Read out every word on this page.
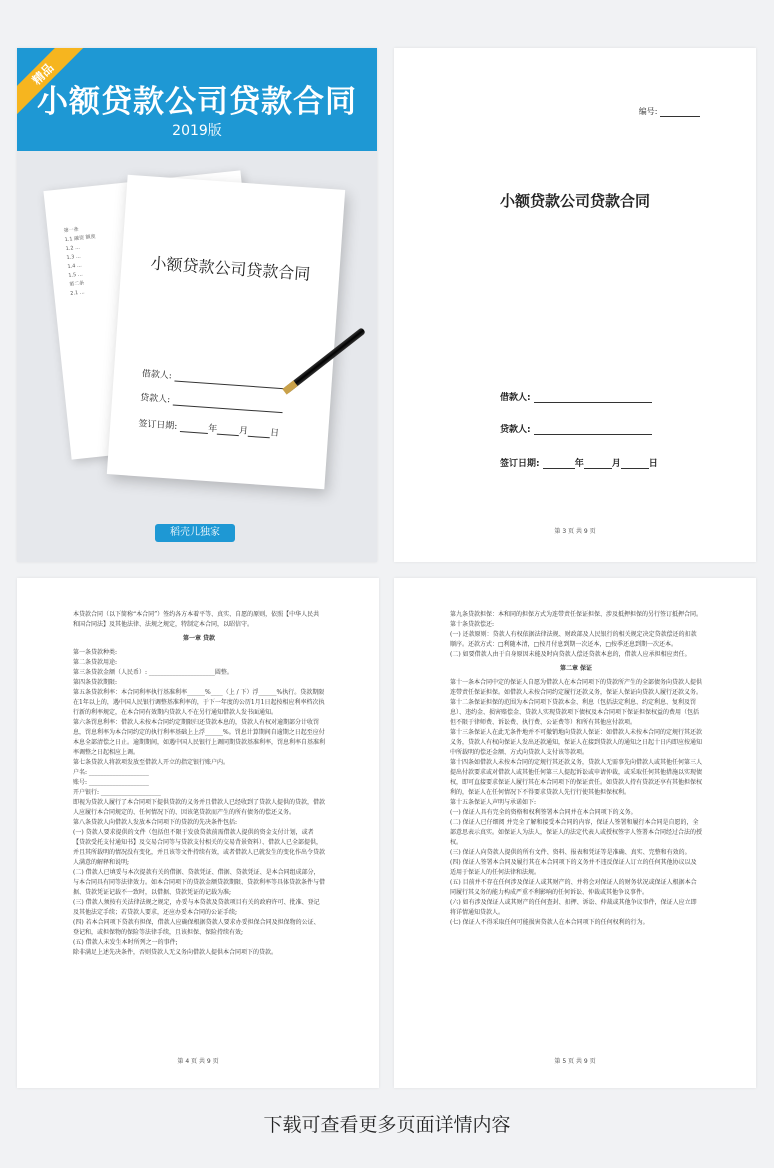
小额贷款公司贷款合同
2019版
精品
第一条
1.1 融资 额度
1.2 ...
1.3 ...
1.4 ...
1.5 ...
第二条
2.1 ...
小额贷款公司贷款合同
借款人:
贷款人:
签订日期:	年 月 日
稻壳儿独家
编号:
小额贷款公司贷款合同
借款人:
贷款人:
签订日期:	年	月	日
第 3 页 共 9 页

本贷款合同（以下简称“本合同”）签约各方本着平等、真实、自愿的原则，依照【中华人民共和国合同法】及其他法律、法规之规定，特制定本合同，以昭信守。

第一章 贷款

第一条贷款种类:

第二条贷款用途:

第三条贷款金额（人民币）: ______________________圆整。

第四条贷款期限:

第五条贷款利率：本合同利率执行基准利率______%____（上 / 下）浮______%执行。贷款期限在1年以上的，遇中国人民银行调整基准利率的，于下一年度的公历1月1日起按相应利率档次执行新的利率规定，在本合同有效期内贷款人不在另行通知借款人发书面通知。

第六条罚息利率：借款人未按本合同约定期限归还贷款本息的，贷款人有权对逾期部分计收罚息，罚息利率为本合同约定的执行利率基础上上浮______%。罚息计算期间自逾期之日起至应付本息全部清偿之日止。逾期期间，如遇中国人民银行上调同期贷款基准利率，罚息利率自基准利率调整之日起相应上调。

第七条贷款人将款项发放至借款人开立的指定银行账户内。

户名: ____________________

账号: ____________________

开户银行: ____________________

即视为贷款人履行了本合同项下提供贷款的义务并且借款人已经收到了贷款人提供的贷款，借款人应履行本合同规定的、任何情况下的、因该笔贷款而产生的所有债务的偿还义务。

第八条贷款人向借款人发放本合同项下的贷款的先决条件包括:

(一) 贷款人要求提供的文件（包括但不限于发放贷款前需借款人提供的资金支付计划，或者【贷款受托支付通知书】及交易合同等与贷款支付相关的交易背景资料）、借款人已全部提供，并且其所载明的情况没有变化，并且该等文件持续有效，或者借款人已就发生的变化作出令贷款人满意的解释和说明;

(二) 借款人已填妥与本次提款有关的借据、贷款凭证、借据、贷款凭证、是本合同组成部分，与本合同具有同等法律效力。如本合同项下的贷款金额贷款期限、贷款利率等具体贷款条件与借据、贷款凭证记载不一致时，以借据、贷款凭证的记载为准;

(三) 借款人须按有关法律法规之规定，办妥与本贷款及贷款项目有关的政府许可、批准、登记及其他法定手续；若贷款人要求，还应办妥本合同的公证手续;

(四) 若本合同项下贷款有担保，借款人应确保根据贷款人要求办妥担保合同及担保物的公证、登记和，或担保物的保险等法律手续，且该担保、保险持续有效;

(五) 借款人未发生本时所列之一的事件;

除非满足上述先决条件，否则贷款人无义务向借款人提供本合同项下的贷款。

第 4 页 共 9 页

第九条贷款担保：本和同的担保方式为连带责任保证担保、涉及抵押担保的另行签订抵押合同。

第十条贷款偿还:

(一) 还款原则：贷款人有权依据法律法规、财政部及人民银行的相关规定决定贷款偿还的扣款顺序。还款方式：□利随本清，□按月付息到期一次还本，□按季还息到期一次还本。

(二) 如要借款人由于自身原因未能及时向贷款人偿还贷款本息的，借款人应承担相应责任。

第二章 保证

第十一条本合同中定的保证人自愿为借款人在本合同项下的贷款所产生的全部债务向贷款人提供连带责任保证担保。如借款人未按合同约定履行还款义务，保证人保证向贷款人履行还款义务。

第十二条保证担保的范围为本合同项下贷款本金、利息（包括法定利息、约定利息、复利及罚息）、违约金、损害赔偿金、贷款人实现贷款项下债权及本合同项下保证担保权益的费用（包括但不限于律师费、诉讼费、执行费、公证费等）和所有其他应付款项。

第十三条保证人在此无条件地并不可撤销地向贷款人保证：如借款人未按本合同的定规行其还款义务，贷款人有权向保证人发出还款通知，保证人在接到贷款人的通知之日起十日内即应按通知中所载明的偿还金额、方式向贷款人支付该等款项。

第十四条如借款人未按本合同的定规行其还款义务，贷款人无需事先向借款人或其他任何第三人提出付款要求或对借款人或其他任何第三人提起诉讼或申请仲裁，或采取任何其他措施以实现债权，即可直接要求保证人履行其在本合同项下的保证责任。如贷款人持有贷款还享有其他担保权利的，保证人在任何情况下不得要求贷款人先行行使其他担保权利。

第十五条保证人声明与承诺如下:

(一) 保证人具有完全的资格和权利签署本合同并在本合同项下的义务。

(二) 保证人已仔细阅 并完全了解和接受本合同的内容，保证人签署和履行本合同是自愿的，全部意思表示真实。如保证人为法人，保证人的法定代表人或授权签字人签署本合同经过合法的授权。

(三) 保证人向贷款人提供的所有文件、资料、报表和凭证等是准确、真实、完整和有效的。

(四) 保证人签署本合同及履行其在本合同项下的义务并不违反保证人订立的任何其他协议以及适用于保证人的任何法律和法规。

(五) 目前并不存在任何涉及保证人或其财产的、并将会对保证人的财务状况或保证人根据本合同履行其义务的能力构成严重不利影响的任何诉讼、仲裁或其他争议事件。

(六) 如有涉及保证人或其财产的任何查封、扣押、诉讼、仲裁或其他争议事件，保证人应立即将详情通知贷款人。

(七) 保证人不得采取任何可能损害贷款人在本合同项下的任何权利的行为。

第 5 页 共 9 页
下载可查看更多页面详情内容
